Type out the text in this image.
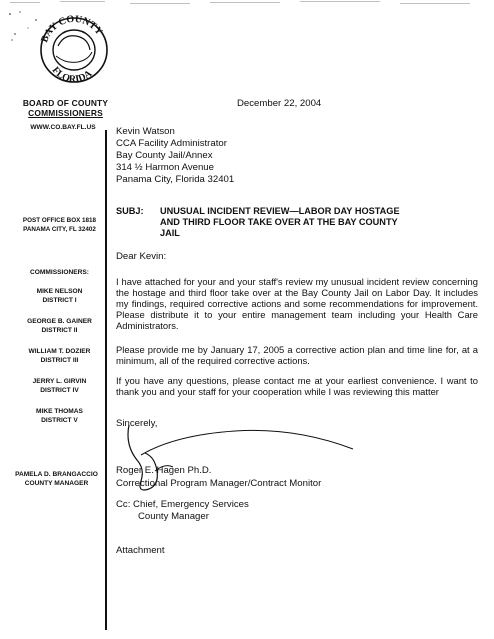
BAY COUNTY
FLORIDA
BOARD OF COUNTY
COMMISSIONERS
WWW.CO.BAY.FL.US
POST OFFICE BOX 1818
PANAMA CITY, FL 32402
COMMISSIONERS:
MIKE NELSON
DISTRICT I
GEORGE B. GAINER
DISTRICT II
WILLIAM T. DOZIER
DISTRICT III
JERRY L. GIRVIN
DISTRICT IV
MIKE THOMAS
DISTRICT V
PAMELA D. BRANGACCIO
COUNTY MANAGER
December 22, 2004
Kevin Watson
CCA Facility Administrator
Bay County Jail/Annex
314 ½ Harmon Avenue
Panama City, Florida 32401
SUBJ: UNUSUAL INCIDENT REVIEW—LABOR DAY HOSTAGE
AND THIRD FLOOR TAKE OVER AT THE BAY COUNTY
JAIL
Dear Kevin:
I have attached for your and your staff's review my unusual incident review concerning the hostage and third floor take over at the Bay County Jail on Labor Day. It includes my findings, required corrective actions and some recommendations for improvement. Please distribute it to your entire management team including your Health Care Administrators.
Please provide me by January 17, 2005 a corrective action plan and time line for, at a minimum, all of the required corrective actions.
If you have any questions, please contact me at your earliest convenience. I want to thank you and your staff for your cooperation while I was reviewing this matter
Sincerely,
Roger E. Hagen Ph.D.
Correctional Program Manager/Contract Monitor
Cc: Chief, Emergency Services
County Manager
Attachment
